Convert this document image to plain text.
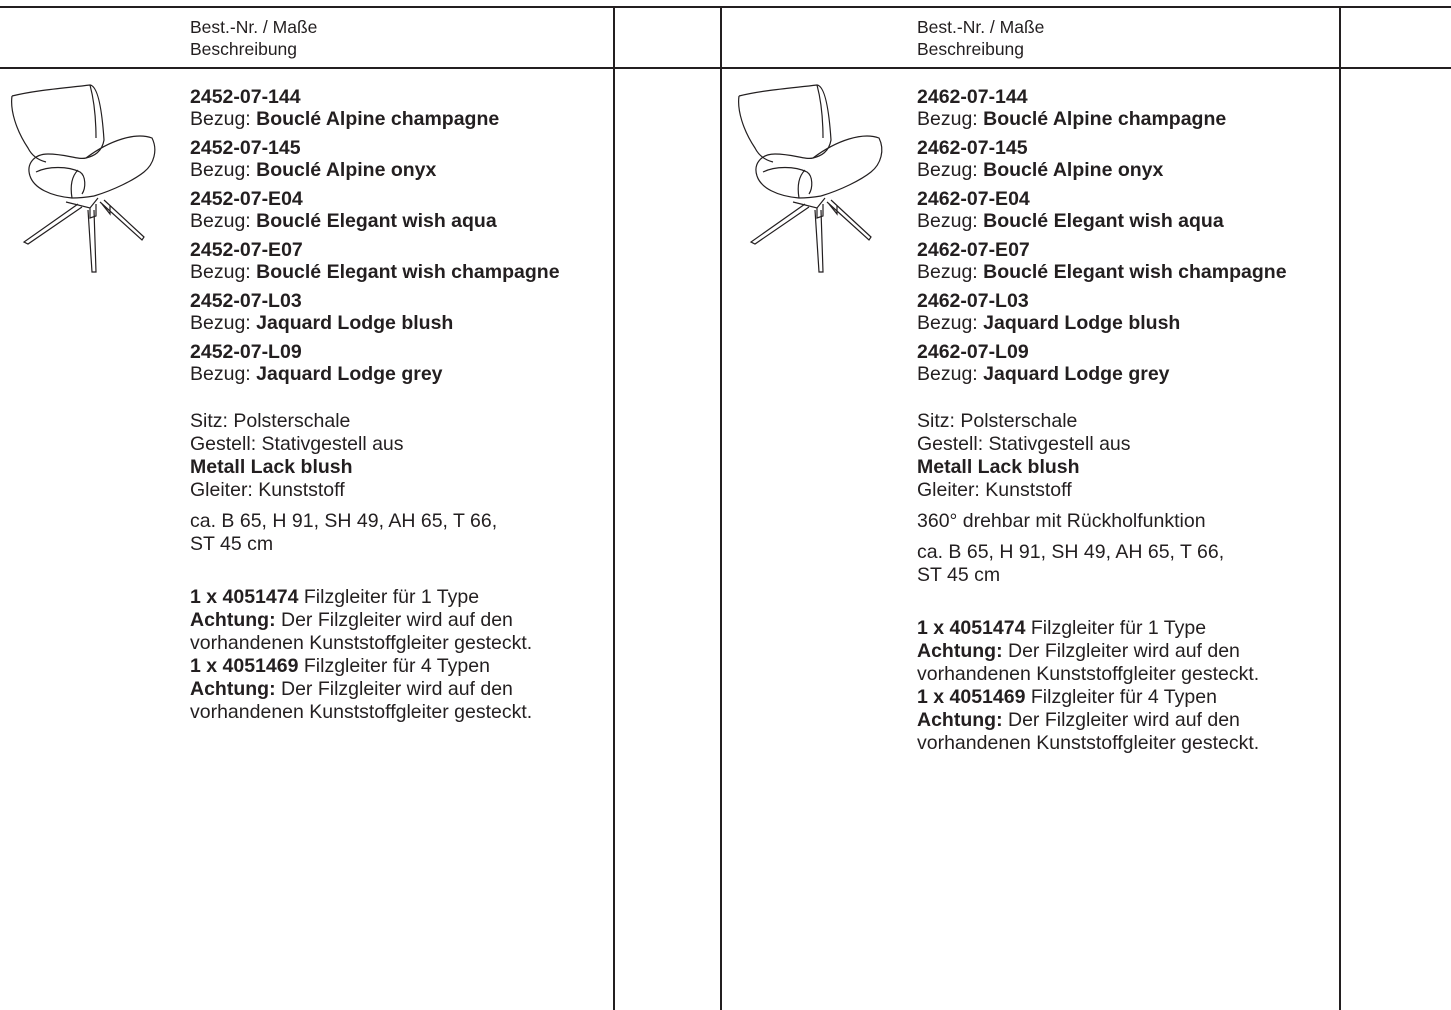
Best.-Nr. / Maße
Beschreibung
Best.-Nr. / Maße
Beschreibung
2452-07-144
Bezug: Bouclé Alpine champagne
2452-07-145
Bezug: Bouclé Alpine onyx
2452-07-E04
Bezug: Bouclé Elegant wish aqua
2452-07-E07
Bezug: Bouclé Elegant wish champagne
2452-07-L03
Bezug: Jaquard Lodge blush
2452-07-L09
Bezug: Jaquard Lodge grey
Sitz: Polsterschale
Gestell: Stativgestell aus
Metall Lack blush
Gleiter: Kunststoff
ca. B 65, H 91, SH 49, AH 65, T 66,
ST 45 cm
1 x 4051474 Filzgleiter für 1 Type
Achtung: Der Filzgleiter wird auf den
vorhandenen Kunststoffgleiter gesteckt.
1 x 4051469 Filzgleiter für 4 Typen
Achtung: Der Filzgleiter wird auf den
vorhandenen Kunststoffgleiter gesteckt.
2462-07-144
Bezug: Bouclé Alpine champagne
2462-07-145
Bezug: Bouclé Alpine onyx
2462-07-E04
Bezug: Bouclé Elegant wish aqua
2462-07-E07
Bezug: Bouclé Elegant wish champagne
2462-07-L03
Bezug: Jaquard Lodge blush
2462-07-L09
Bezug: Jaquard Lodge grey
Sitz: Polsterschale
Gestell: Stativgestell aus
Metall Lack blush
Gleiter: Kunststoff
360° drehbar mit Rückholfunktion
ca. B 65, H 91, SH 49, AH 65, T 66,
ST 45 cm
1 x 4051474 Filzgleiter für 1 Type
Achtung: Der Filzgleiter wird auf den
vorhandenen Kunststoffgleiter gesteckt.
1 x 4051469 Filzgleiter für 4 Typen
Achtung: Der Filzgleiter wird auf den
vorhandenen Kunststoffgleiter gesteckt.
